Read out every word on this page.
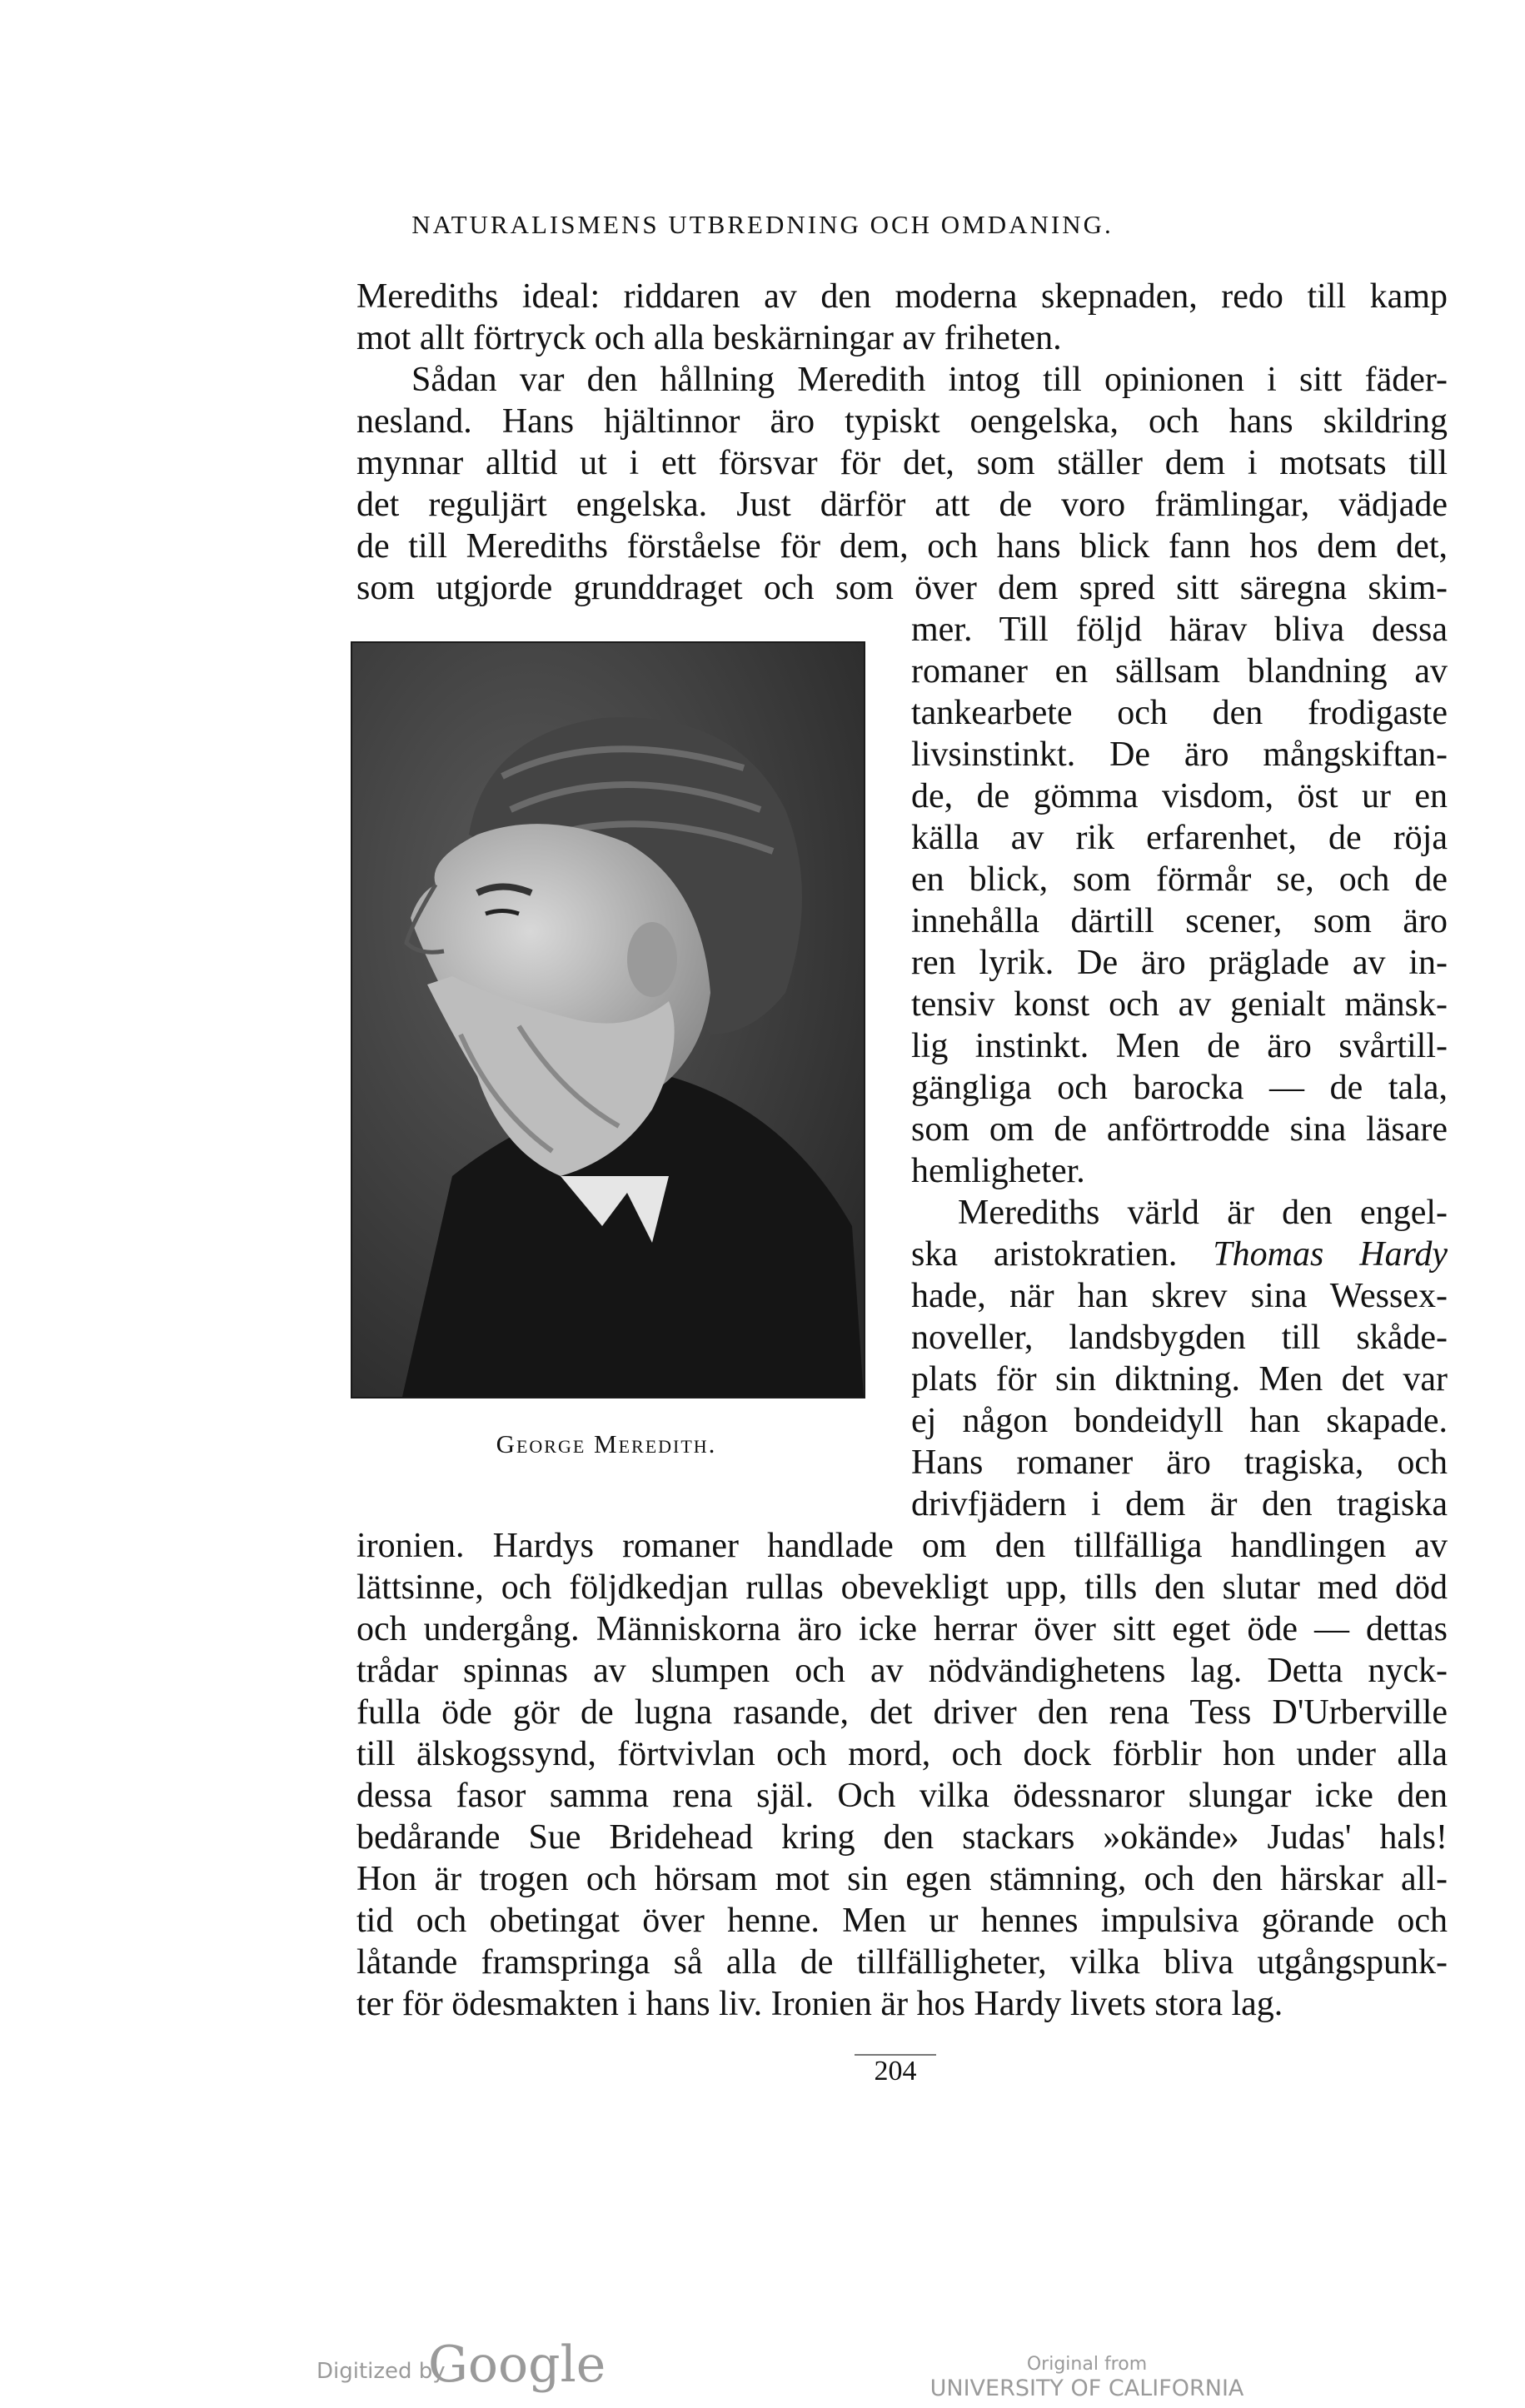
NATURALISMENS UTBREDNING OCH OMDANING.
Merediths ideal: riddaren av den moderna skepnaden, redo till kamp
mot allt förtryck och alla beskärningar av friheten.
Sådan var den hållning Meredith intog till opinionen i sitt fäder-
nesland. Hans hjältinnor äro typiskt oengelska, och hans skildring
mynnar alltid ut i ett försvar för det, som ställer dem i motsats till
det reguljärt engelska. Just därför att de voro främlingar, vädjade
de till Merediths förståelse för dem, och hans blick fann hos dem det,
som utgjorde grunddraget och som över dem spred sitt säregna skim-
George Meredith.
mer. Till följd härav bliva dessa
romaner en sällsam blandning av
tankearbete och den frodigaste
livsinstinkt. De äro mångskiftan-
de, de gömma visdom, öst ur en
källa av rik erfarenhet, de röja
en blick, som förmår se, och de
innehålla därtill scener, som äro
ren lyrik. De äro präglade av in-
tensiv konst och av genialt mänsk-
lig instinkt. Men de äro svårtill-
gängliga och barocka — de tala,
som om de anförtrodde sina läsare
hemligheter.
Merediths värld är den engel-
ska aristokratien. Thomas Hardy
hade, när han skrev sina Wessex-
noveller, landsbygden till skåde-
plats för sin diktning. Men det var
ej någon bondeidyll han skapade.
Hans romaner äro tragiska, och
drivfjädern i dem är den tragiska
ironien. Hardys romaner handlade om den tillfälliga handlingen av
lättsinne, och följdkedjan rullas obevekligt upp, tills den slutar med död
och undergång. Människorna äro icke herrar över sitt eget öde — dettas
trådar spinnas av slumpen och av nödvändighetens lag. Detta nyck-
fulla öde gör de lugna rasande, det driver den rena Tess D'Urberville
till älskogssynd, förtvivlan och mord, och dock förblir hon under alla
dessa fasor samma rena själ. Och vilka ödessnaror slungar icke den
bedårande Sue Bridehead kring den stackars »okände» Judas' hals!
Hon är trogen och hörsam mot sin egen stämning, och den härskar all-
tid och obetingat över henne. Men ur hennes impulsiva görande och
låtande framspringa så alla de tillfälligheter, vilka bliva utgångspunk-
ter för ödesmakten i hans liv. Ironien är hos Hardy livets stora lag.
204
Digitized by
Google	Original from
UNIVERSITY OF CALIFORNIA
